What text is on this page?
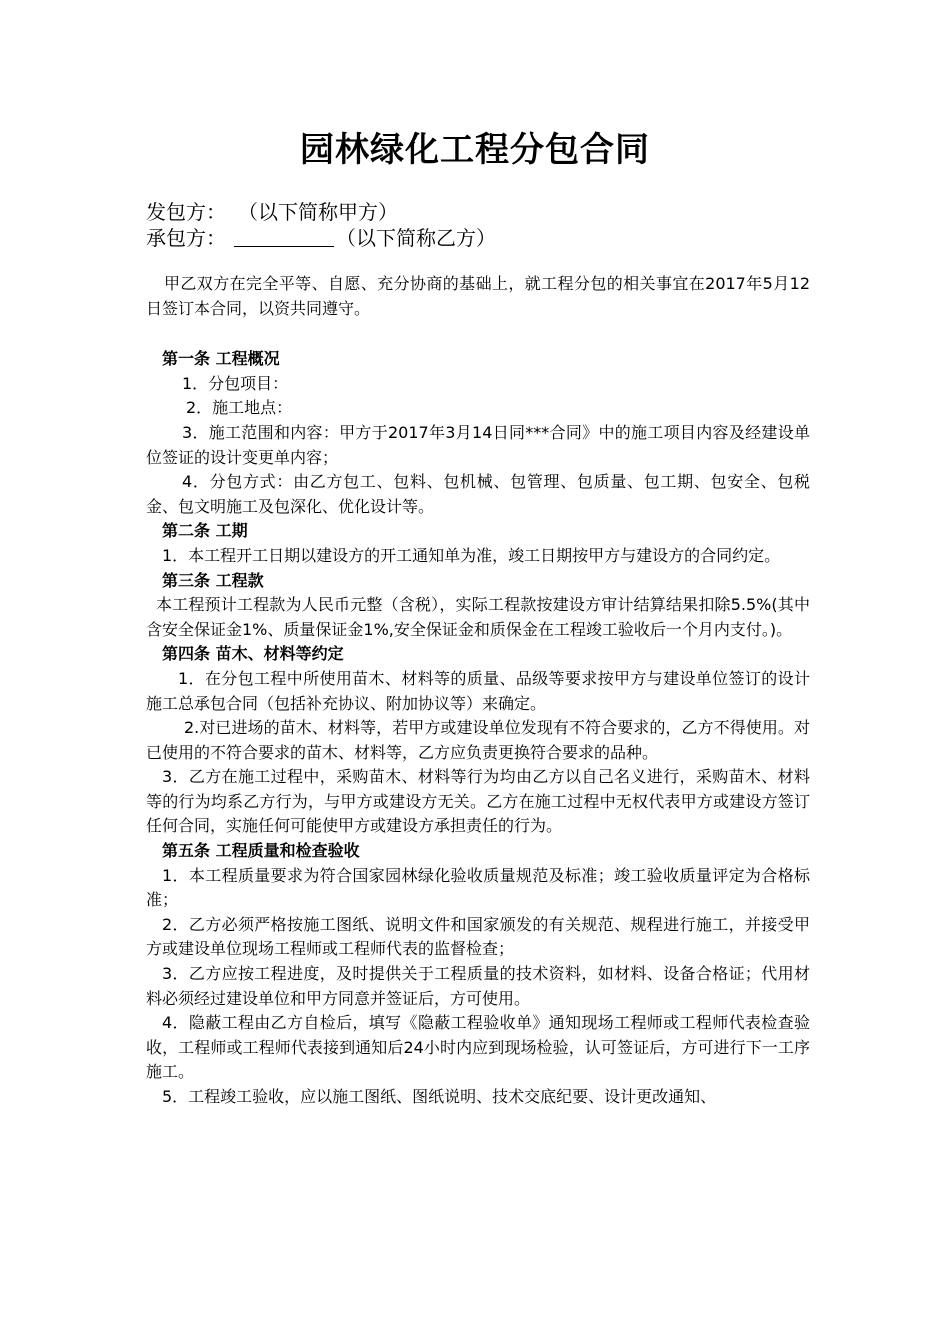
园林绿化工程分包合同
发包方： （以下简称甲方）
承包方：	（以下简称乙方）

甲乙双方在完全平等、自愿、充分协商的基础上，就工程分包的相关事宜在2017年5月12日签订本合同，以资共同遵守。

第一条 工程概况

1．分包项目：

2．施工地点：

3．施工范围和内容：甲方于2017年3月14日同***合同》中的施工项目内容及经建设单位签证的设计变更单内容；

4．分包方式：由乙方包工、包料、包机械、包管理、包质量、包工期、包安全、包税金、包文明施工及包深化、优化设计等。

第二条 工期

1．本工程开工日期以建设方的开工通知单为准，竣工日期按甲方与建设方的合同约定。

第三条 工程款

本工程预计工程款为人民币元整（含税），实际工程款按建设方审计结算结果扣除5.5%(其中含安全保证金1%、质量保证金1%,安全保证金和质保金在工程竣工验收后一个月内支付。)。

第四条 苗木、材料等约定

1．在分包工程中所使用苗木、材料等的质量、品级等要求按甲方与建设单位签订的设计施工总承包合同（包括补充协议、附加协议等）来确定。

2.对已进场的苗木、材料等，若甲方或建设单位发现有不符合要求的，乙方不得使用。对已使用的不符合要求的苗木、材料等，乙方应负责更换符合要求的品种。

3．乙方在施工过程中，采购苗木、材料等行为均由乙方以自己名义进行，采购苗木、材料等的行为均系乙方行为，与甲方或建设方无关。乙方在施工过程中无权代表甲方或建设方签订任何合同，实施任何可能使甲方或建设方承担责任的行为。

第五条 工程质量和检查验收

1．本工程质量要求为符合国家园林绿化验收质量规范及标准；竣工验收质量评定为合格标准；

2．乙方必须严格按施工图纸、说明文件和国家颁发的有关规范、规程进行施工，并接受甲方或建设单位现场工程师或工程师代表的监督检查；

3．乙方应按工程进度，及时提供关于工程质量的技术资料，如材料、设备合格证；代用材料必须经过建设单位和甲方同意并签证后，方可使用。

4．隐蔽工程由乙方自检后，填写《隐蔽工程验收单》通知现场工程师或工程师代表检查验收，工程师或工程师代表接到通知后24小时内应到现场检验，认可签证后，方可进行下一工序施工。

5．工程竣工验收，应以施工图纸、图纸说明、技术交底纪要、设计更改通知、
